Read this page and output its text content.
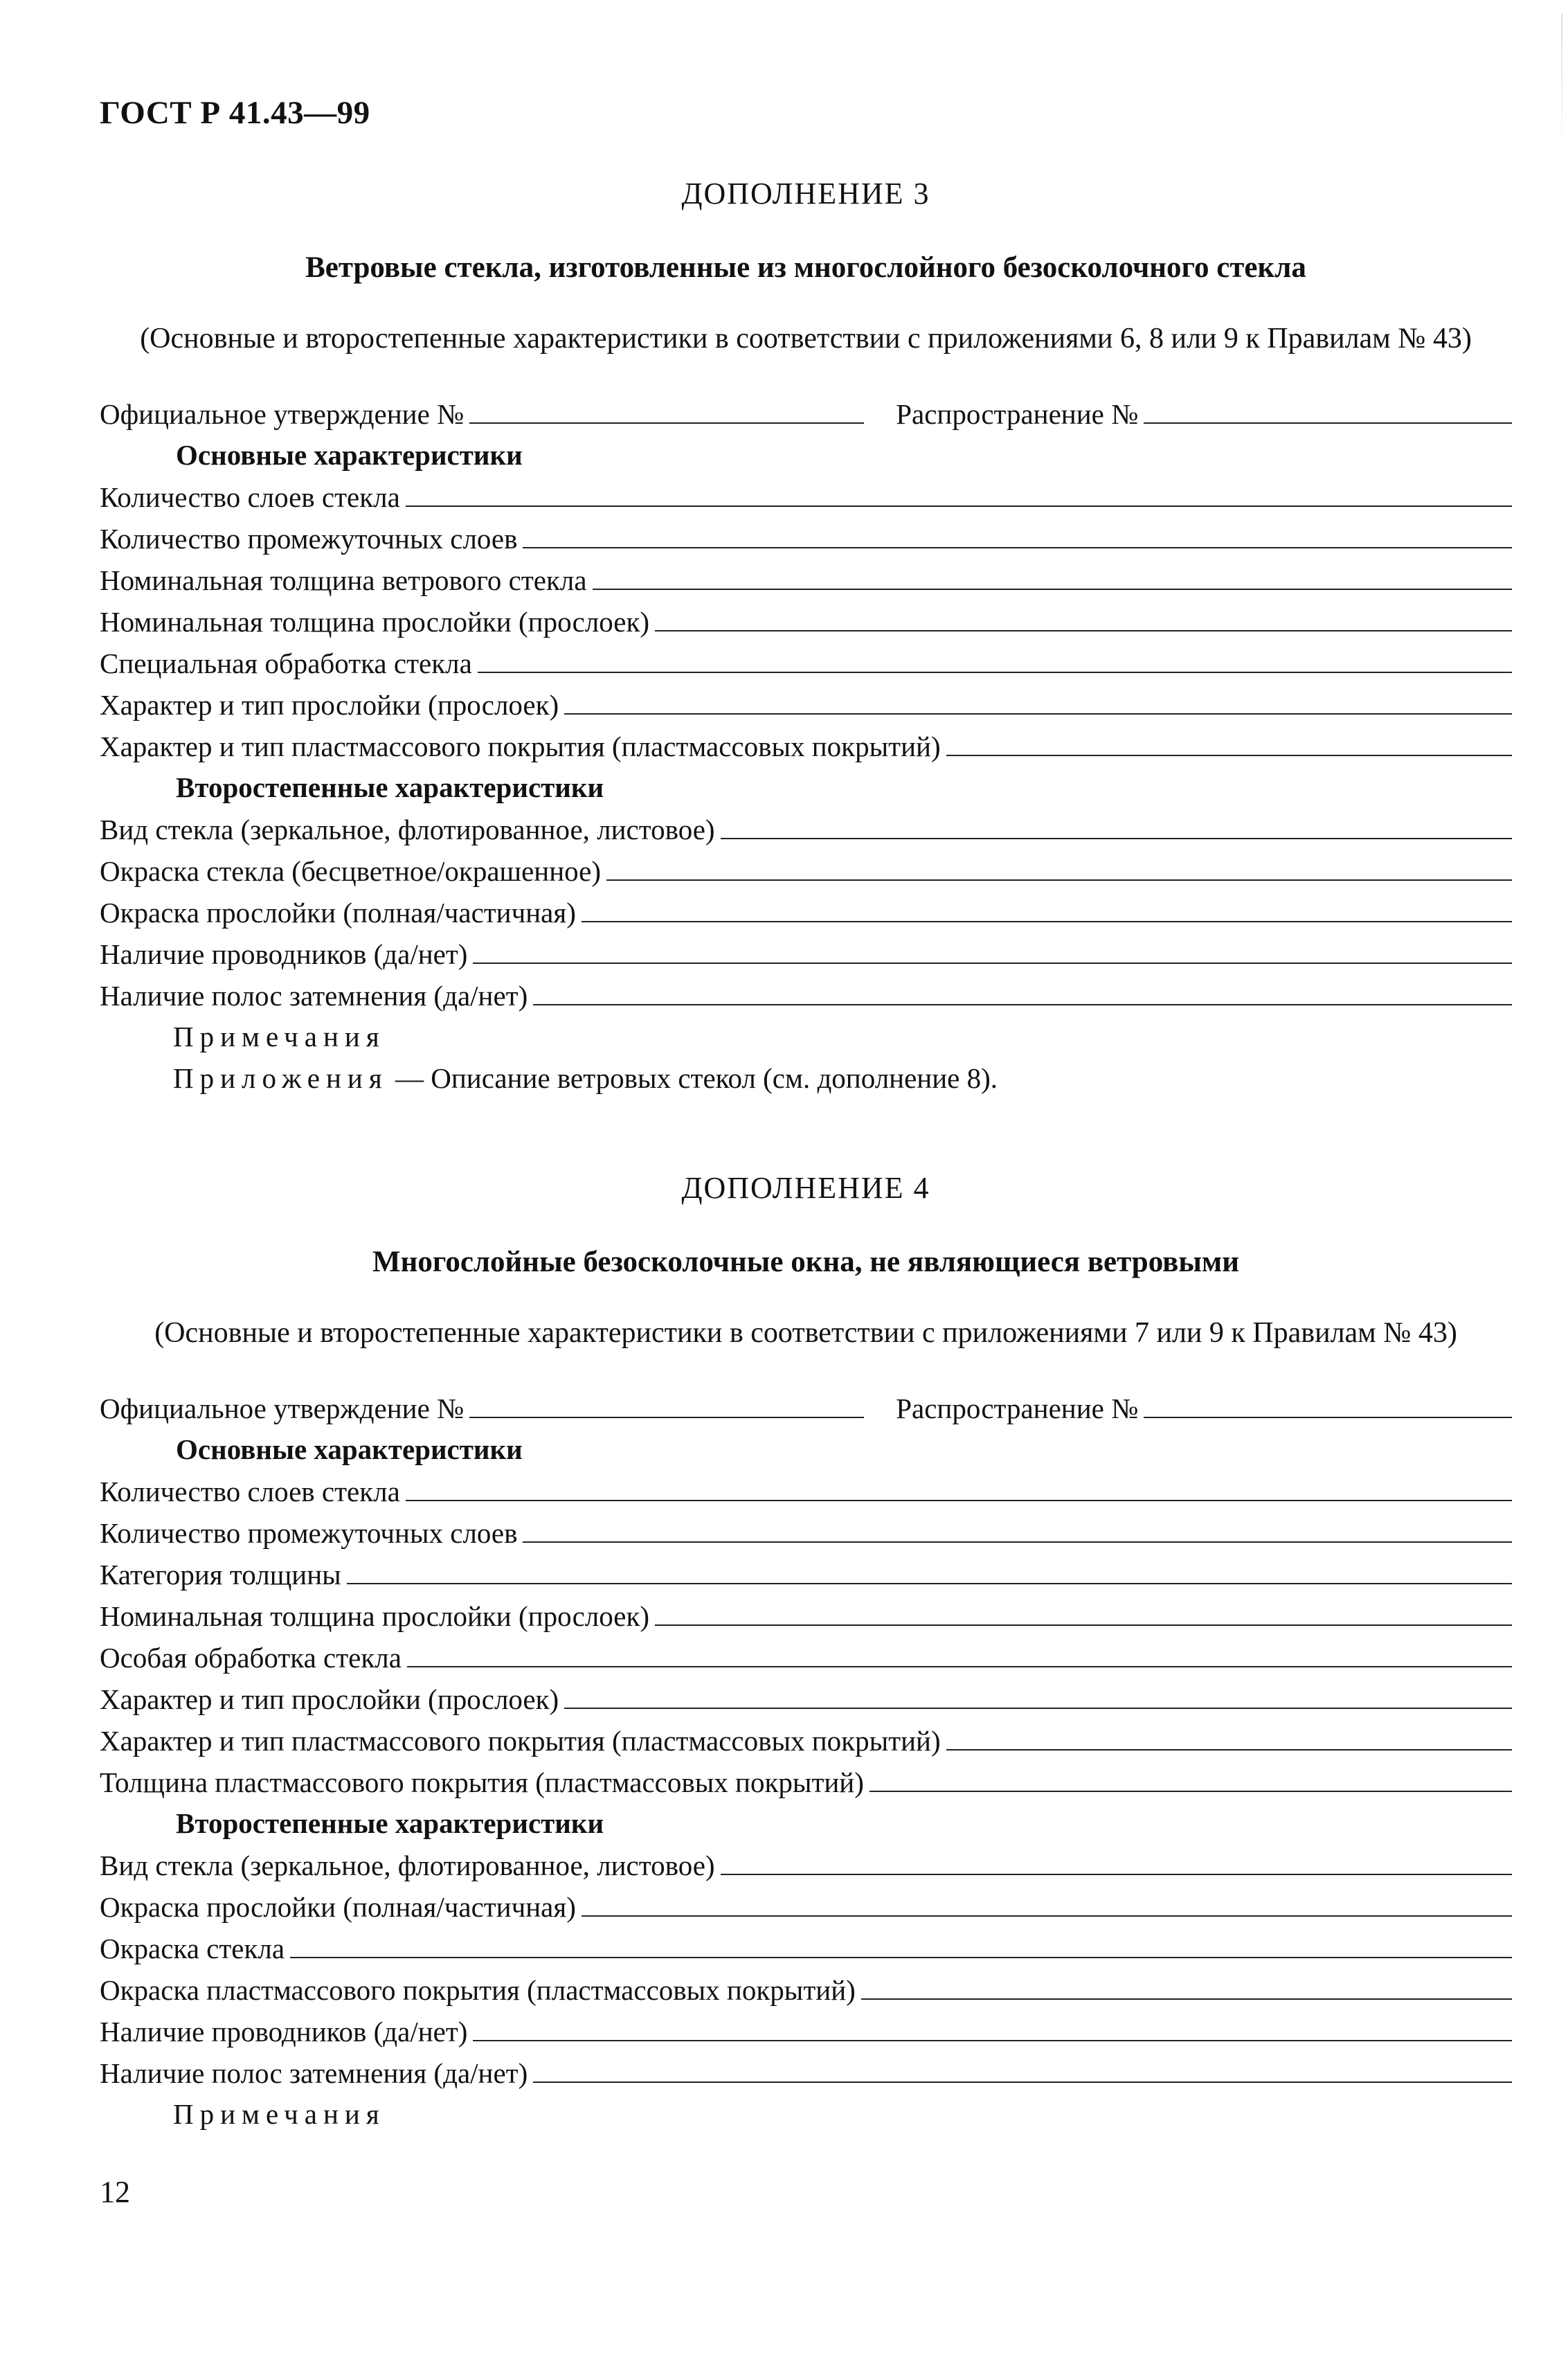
ГОСТ Р 41.43—99
ДОПОЛНЕНИЕ 3
Ветровые стекла, изготовленные из многослойного безосколочного стекла
(Основные и второстепенные характеристики в соответствии с приложениями 6, 8 или 9 к Правилам № 43)
Официальное утверждение №	Распространение №
Основные характеристики
Количество слоев стекла
Количество промежуточных слоев
Номинальная толщина ветрового стекла
Номинальная толщина прослойки (прослоек)
Специальная обработка стекла
Характер и тип прослойки (прослоек)
Характер и тип пластмассового покрытия (пластмассовых покрытий)
Второстепенные характеристики
Вид стекла (зеркальное, флотированное, листовое)
Окраска стекла (бесцветное/окрашенное)
Окраска прослойки (полная/частичная)
Наличие проводников (да/нет)
Наличие полос затемнения (да/нет)
Примечания
Приложения — Описание ветровых стекол (см. дополнение 8).
ДОПОЛНЕНИЕ 4
Многослойные безосколочные окна, не являющиеся ветровыми
(Основные и второстепенные характеристики в соответствии с приложениями 7 или 9 к Правилам № 43)
Официальное утверждение №	Распространение №
Основные характеристики
Количество слоев стекла
Количество промежуточных слоев
Категория толщины
Номинальная толщина прослойки (прослоек)
Особая обработка стекла
Характер и тип прослойки (прослоек)
Характер и тип пластмассового покрытия (пластмассовых покрытий)
Толщина пластмассового покрытия (пластмассовых покрытий)
Второстепенные характеристики
Вид стекла (зеркальное, флотированное, листовое)
Окраска прослойки (полная/частичная)
Окраска стекла
Окраска пластмассового покрытия (пластмассовых покрытий)
Наличие проводников (да/нет)
Наличие полос затемнения (да/нет)
Примечания
12
